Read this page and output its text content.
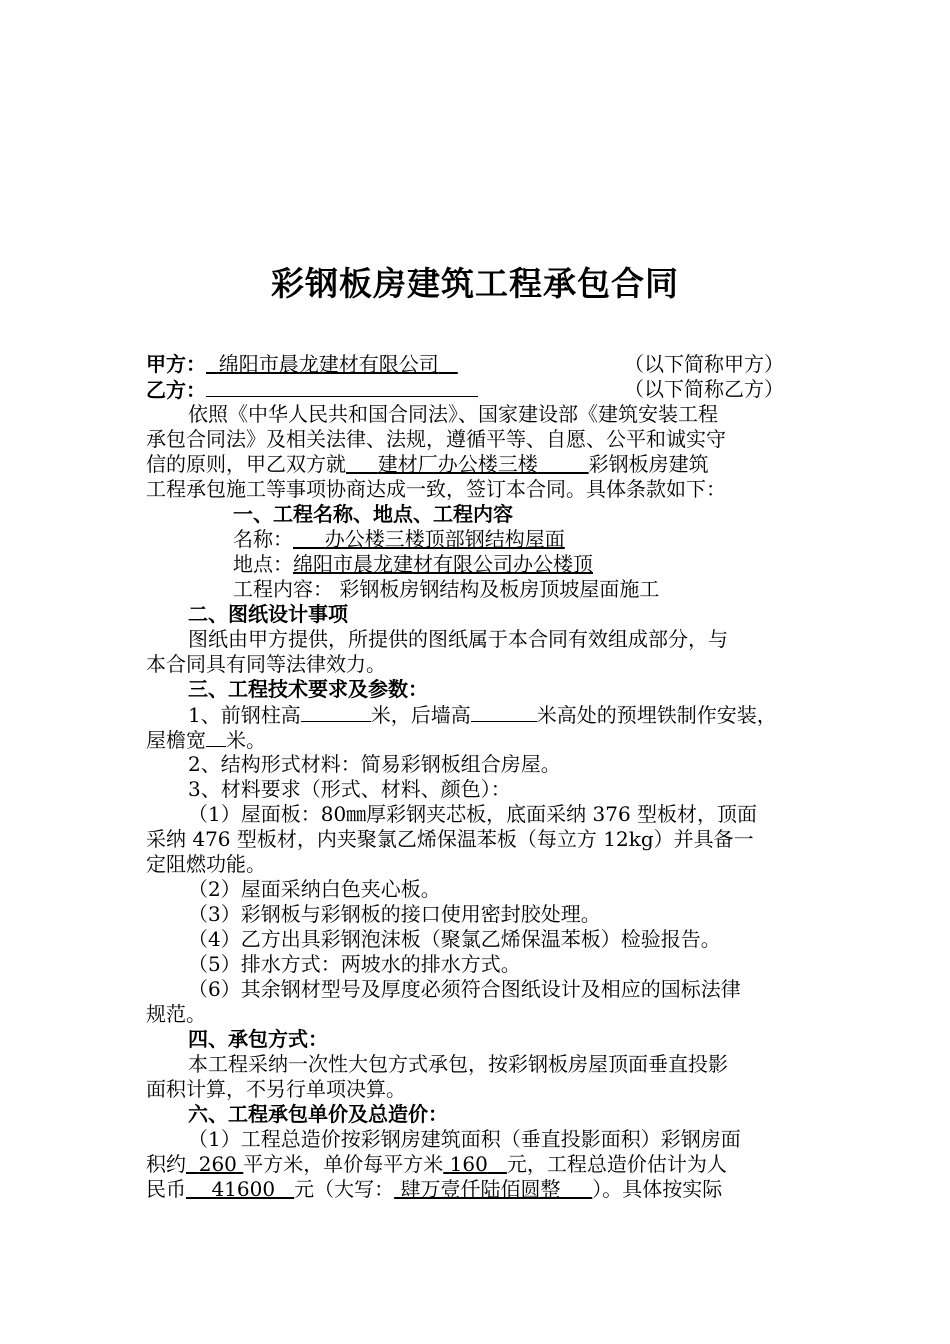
彩钢板房建筑工程承包合同
甲方： 绵阳市晨龙建材有限公司	（以下简称甲方）
乙方：	（以下简称乙方）
依照《中华人民共和国合同法》、国家建设部《建筑安装工程
承包合同法》及相关法律、法规，遵循平等、自愿、公平和诚实守
信的原则，甲乙双方就 建材厂办公楼三楼	彩钢板房建筑
工程承包施工等事项协商达成一致，签订本合同。具体条款如下：
一、工程名称、地点、工程内容
名称： 办公楼三楼顶部钢结构屋面
地点：绵阳市晨龙建材有限公司办公楼顶
工程内容： 彩钢板房钢结构及板房顶坡屋面施工
二、图纸设计事项
图纸由甲方提供，所提供的图纸属于本合同有效组成部分，与
本合同具有同等法律效力。
三、工程技术要求及参数：
1、前钢柱高	米，后墙高	米高处的预埋铁制作安装，
屋檐宽 米。
2、结构形式材料：简易彩钢板组合房屋。
3、材料要求（形式、材料、颜色）：
（1）屋面板：80㎜厚彩钢夹芯板，底面采纳 376 型板材，顶面
采纳 476 型板材，内夹聚氯乙烯保温苯板（每立方 12kg）并具备一
定阻燃功能。
（2）屋面采纳白色夹心板。
（3）彩钢板与彩钢板的接口使用密封胶处理。
（4）乙方出具彩钢泡沫板（聚氯乙烯保温苯板）检验报告。
（5）排水方式：两坡水的排水方式。
（6）其余钢材型号及厚度必须符合图纸设计及相应的国标法律
规范。
四、承包方式：
本工程采纳一次性大包方式承包，按彩钢板房屋顶面垂直投影
面积计算，不另行单项决算。
六、工程承包单价及总造价：
（1）工程总造价按彩钢房建筑面积（垂直投影面积）彩钢房面
积约 260 平方米，单价每平方米 160 元，工程总造价估计为人
民币 41600 元（大写： 肆万壹仟陆佰圆整 ）。具体按实际
